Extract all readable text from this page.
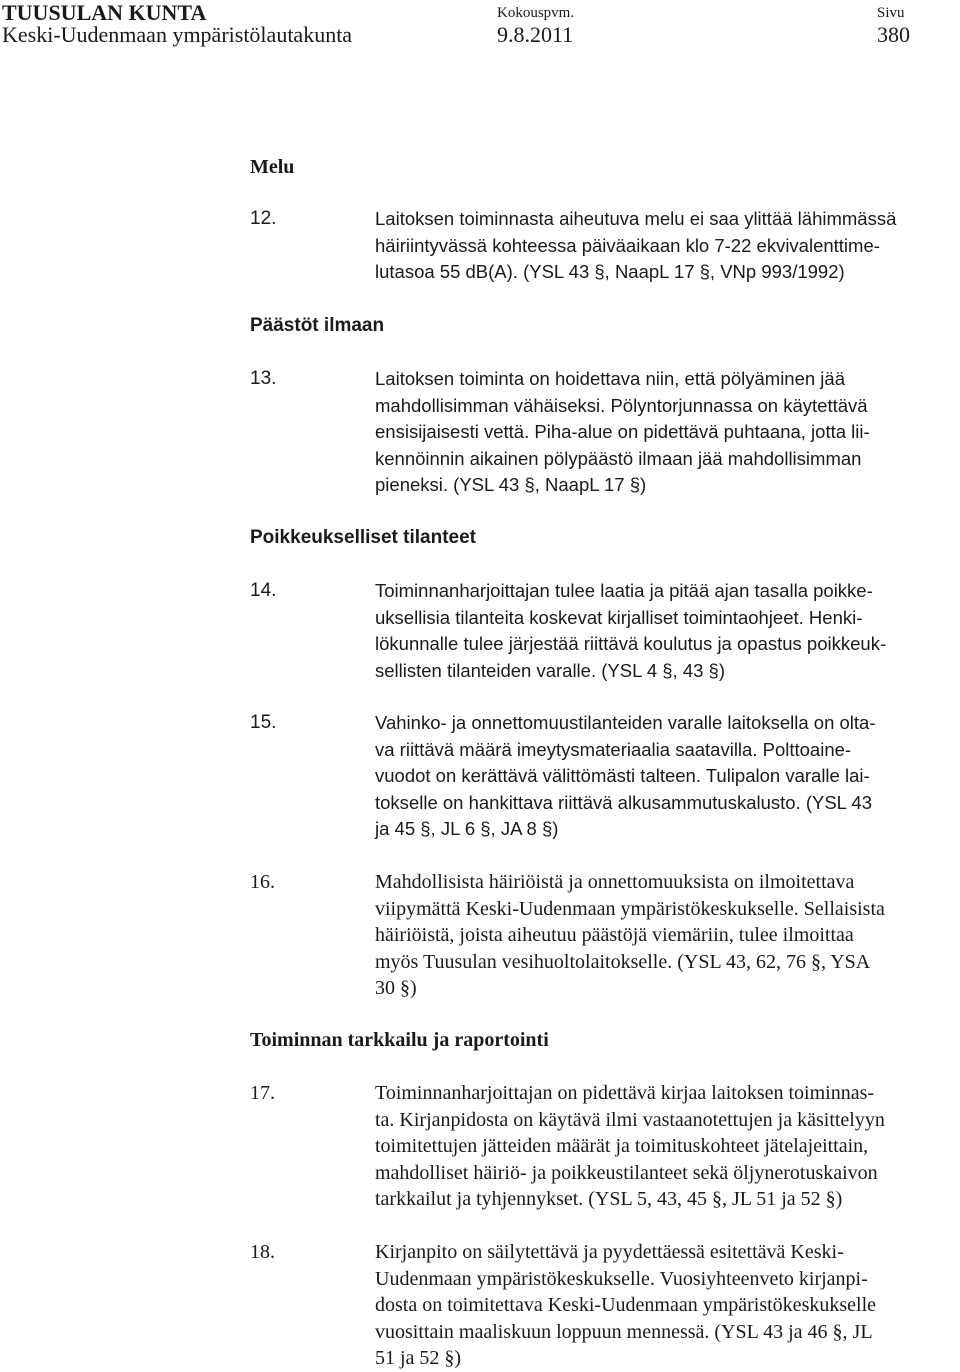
TUUSULAN KUNTA
Keski-Uudenmaan ympäristölautakunta
Kokouspvm.
9.8.2011
Sivu
380
Melu
12.	Laitoksen toiminnasta aiheutuva melu ei saa ylittää lähimmässä
häiriintyvässä kohteessa päiväaikaan klo 7-22 ekvivalenttime-
lutasoa 55 dB(A). (YSL 43 §, NaapL 17 §, VNp 993/1992)
Päästöt ilmaan
13.	Laitoksen toiminta on hoidettava niin, että pölyäminen jää
mahdollisimman vähäiseksi. Pölyntorjunnassa on käytettävä
ensisijaisesti vettä. Piha-alue on pidettävä puhtaana, jotta lii-
kennöinnin aikainen pölypäästö ilmaan jää mahdollisimman
pieneksi. (YSL 43 §, NaapL 17 §)
Poikkeukselliset tilanteet
14.	Toiminnanharjoittajan tulee laatia ja pitää ajan tasalla poikke-
uksellisia tilanteita koskevat kirjalliset toimintaohjeet. Henki-
lökunnalle tulee järjestää riittävä koulutus ja opastus poikkeuk-
sellisten tilanteiden varalle. (YSL 4 §, 43 §)
15.	Vahinko- ja onnettomuustilanteiden varalle laitoksella on olta-
va riittävä määrä imeytysmateriaalia saatavilla. Polttoaine-
vuodot on kerättävä välittömästi talteen. Tulipalon varalle lai-
tokselle on hankittava riittävä alkusammutuskalusto. (YSL 43
ja 45 §, JL 6 §, JA 8 §)
16.	Mahdollisista häiriöistä ja onnettomuuksista on ilmoitettava
viipymättä Keski-Uudenmaan ympäristökeskukselle. Sellaisista
häiriöistä, joista aiheutuu päästöjä viemäriin, tulee ilmoittaa
myös Tuusulan vesihuoltolaitokselle. (YSL 43, 62, 76 §, YSA
30 §)
Toiminnan tarkkailu ja raportointi
17.	Toiminnanharjoittajan on pidettävä kirjaa laitoksen toiminnas-
ta. Kirjanpidosta on käytävä ilmi vastaanotettujen ja käsittelyyn
toimitettujen jätteiden määrät ja toimituskohteet jätelajeittain,
mahdolliset häiriö- ja poikkeustilanteet sekä öljynerotuskaivon
tarkkailut ja tyhjennykset. (YSL 5, 43, 45 §, JL 51 ja 52 §)
18.	Kirjanpito on säilytettävä ja pyydettäessä esitettävä Keski-
Uudenmaan ympäristökeskukselle. Vuosiyhteenveto kirjanpi-
dosta on toimitettava Keski-Uudenmaan ympäristökeskukselle
vuosittain maaliskuun loppuun mennessä. (YSL 43 ja 46 §, JL
51 ja 52 §)
